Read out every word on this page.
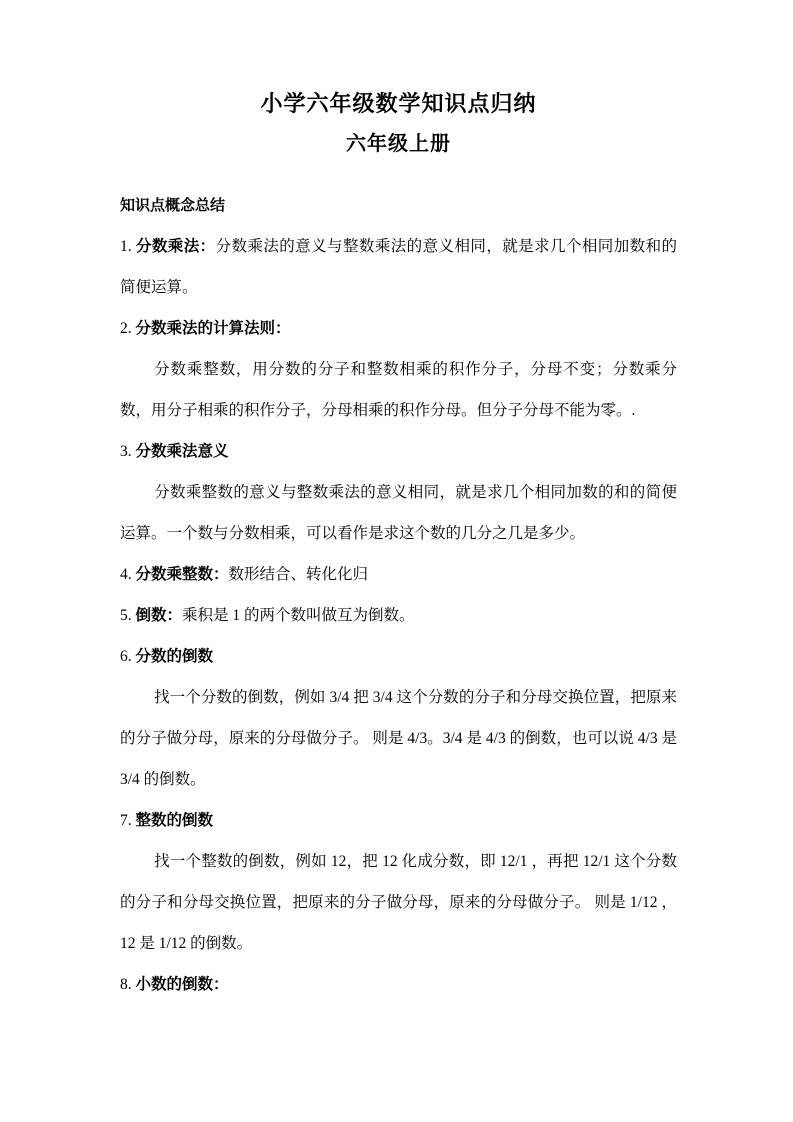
小学六年级数学知识点归纳
六年级上册
知识点概念总结

1. 分数乘法：分数乘法的意义与整数乘法的意义相同，就是求几个相同加数和的简便运算。

2. 分数乘法的计算法则：

分数乘整数，用分数的分子和整数相乘的积作分子，分母不变；分数乘分数，用分子相乘的积作分子，分母相乘的积作分母。但分子分母不能为零。.

3. 分数乘法意义

分数乘整数的意义与整数乘法的意义相同，就是求几个相同加数的和的简便运算。一个数与分数相乘，可以看作是求这个数的几分之几是多少。

4. 分数乘整数：数形结合、转化化归

5. 倒数：乘积是 1 的两个数叫做互为倒数。

6. 分数的倒数

找一个分数的倒数，例如 3/4 把 3/4 这个分数的分子和分母交换位置，把原来的分子做分母，原来的分母做分子。 则是 4/3。3/4 是 4/3 的倒数，也可以说 4/3 是 3/4 的倒数。

7. 整数的倒数

找一个整数的倒数，例如 12，把 12 化成分数，即 12/1 ，再把 12/1 这个分数的分子和分母交换位置，把原来的分子做分母，原来的分母做分子。 则是 1/12 ，12 是 1/12 的倒数。

8. 小数的倒数：
